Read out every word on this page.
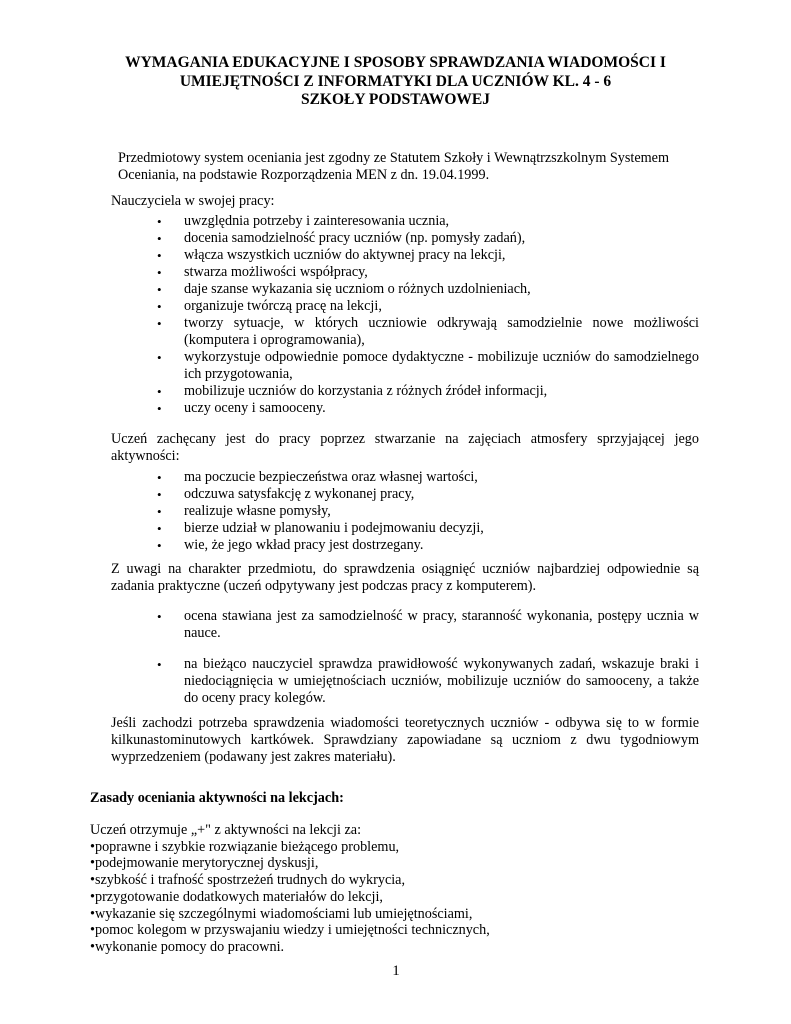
WYMAGANIA EDUKACYJNE I SPOSOBY SPRAWDZANIA WIADOMOŚCI I
UMIEJĘTNOŚCI Z INFORMATYKI DLA UCZNIÓW KL. 4 - 6
SZKOŁY PODSTAWOWEJ
Przedmiotowy system oceniania jest zgodny ze Statutem Szkoły i Wewnątrzszkolnym Systemem
Oceniania, na podstawie Rozporządzenia MEN z dn. 19.04.1999.
Nauczyciela w swojej pracy:
• uwzględnia potrzeby i zainteresowania ucznia,
• docenia samodzielność pracy uczniów (np. pomysły zadań),
• włącza wszystkich uczniów do aktywnej pracy na lekcji,
• stwarza możliwości współpracy,
• daje szanse wykazania się uczniom o różnych uzdolnieniach,
• organizuje twórczą pracę na lekcji,
• tworzy sytuacje, w których uczniowie odkrywają samodzielnie nowe możliwości (komputera i oprogramowania),
• wykorzystuje odpowiednie pomoce dydaktyczne - mobilizuje uczniów do samodzielnego ich przygotowania,
• mobilizuje uczniów do korzystania z różnych źródeł informacji,
• uczy oceny i samooceny.
Uczeń zachęcany jest do pracy poprzez stwarzanie na zajęciach atmosfery sprzyjającej jego
aktywności:
• ma poczucie bezpieczeństwa oraz własnej wartości,
• odczuwa satysfakcję z wykonanej pracy,
• realizuje własne pomysły,
• bierze udział w planowaniu i podejmowaniu decyzji,
• wie, że jego wkład pracy jest dostrzegany.
Z uwagi na charakter przedmiotu, do sprawdzenia osiągnięć uczniów najbardziej odpowiednie są
zadania praktyczne (uczeń odpytywany jest podczas pracy z komputerem).
• ocena stawiana jest za samodzielność w pracy, staranność wykonania, postępy ucznia w nauce.
• na bieżąco nauczyciel sprawdza prawidłowość wykonywanych zadań, wskazuje braki i niedociągnięcia w umiejętnościach uczniów, mobilizuje uczniów do samooceny, a także do oceny pracy kolegów.
Jeśli zachodzi potrzeba sprawdzenia wiadomości teoretycznych uczniów - odbywa się to w formie
kilkunastominutowych kartkówek. Sprawdziany zapowiadane są uczniom z dwu tygodniowym
wyprzedzeniem (podawany jest zakres materiału).
Zasady oceniania aktywności na lekcjach:
Uczeń otrzymuje „+" z aktywności na lekcji za:
•poprawne i szybkie rozwiązanie bieżącego problemu,
•podejmowanie merytorycznej dyskusji,
•szybkość i trafność spostrzeżeń trudnych do wykrycia,
•przygotowanie dodatkowych materiałów do lekcji,
•wykazanie się szczególnymi wiadomościami lub umiejętnościami,
•pomoc kolegom w przyswajaniu wiedzy i umiejętności technicznych,
•wykonanie pomocy do pracowni.
1
